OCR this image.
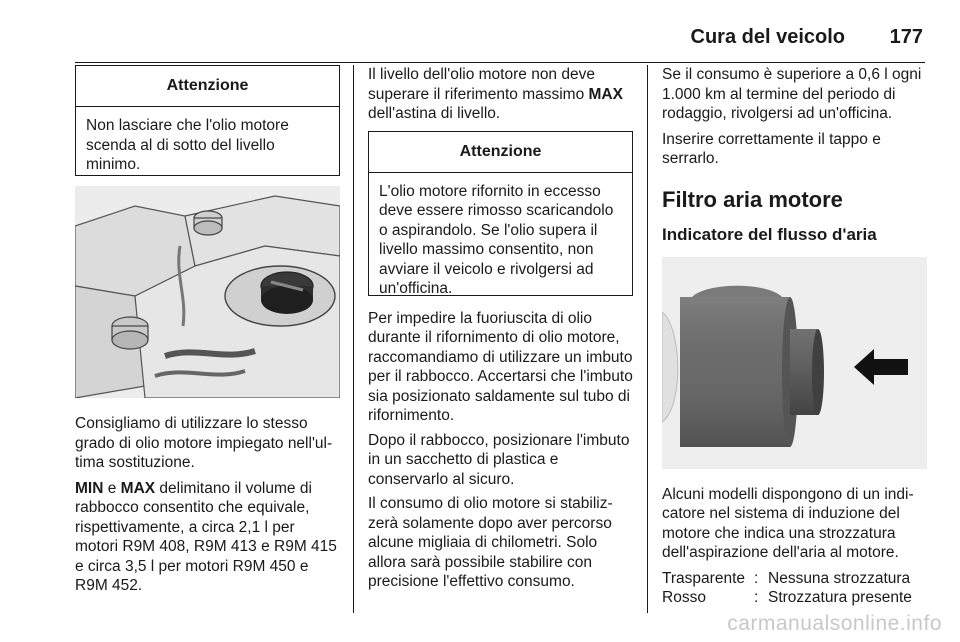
Cura del veicolo 177
Attenzione
Non lasciare che l'olio motore scenda al di sotto del livello minimo.

Consigliamo di utilizzare lo stesso grado di olio motore impiegato nell'ultima sostituzione.

MIN e MAX delimitano il volume di rabbocco consentito che equivale, rispettivamente, a circa 2,1 l per motori R9M 408, R9M 413 e R9M 415 e circa 3,5 l per motori R9M 450 e R9M 452.

Il livello dell'olio motore non deve superare il riferimento massimo MAX dell'astina di livello.

Attenzione
L'olio motore rifornito in eccesso deve essere rimosso scaricandolo o aspirandolo. Se l'olio supera il livello massimo consentito, non avviare il veicolo e rivolgersi ad un'officina.

Per impedire la fuoriuscita di olio durante il rifornimento di olio motore, raccomandiamo di utilizzare un imbuto per il rabbocco. Accertarsi che l'imbuto sia posizionato saldamente sul tubo di rifornimento.

Dopo il rabbocco, posizionare l'imbuto in un sacchetto di plastica e conservarlo al sicuro.

Il consumo di olio motore si stabilizzerà solamente dopo aver percorso alcune migliaia di chilometri. Solo allora sarà possibile stabilire con precisione l'effettivo consumo.

Se il consumo è superiore a 0,6 l ogni 1.000 km al termine del periodo di rodaggio, rivolgersi ad un'officina.

Inserire correttamente il tappo e serrarlo.

Filtro aria motore
Indicatore del flusso d'aria

Alcuni modelli dispongono di un indicatore nel sistema di induzione del motore che indica una strozzatura dell'aspirazione dell'aria al motore.

Trasparente : Nessuna strozzatura
Rosso	: Strozzatura presente
carmanualsonline.info
